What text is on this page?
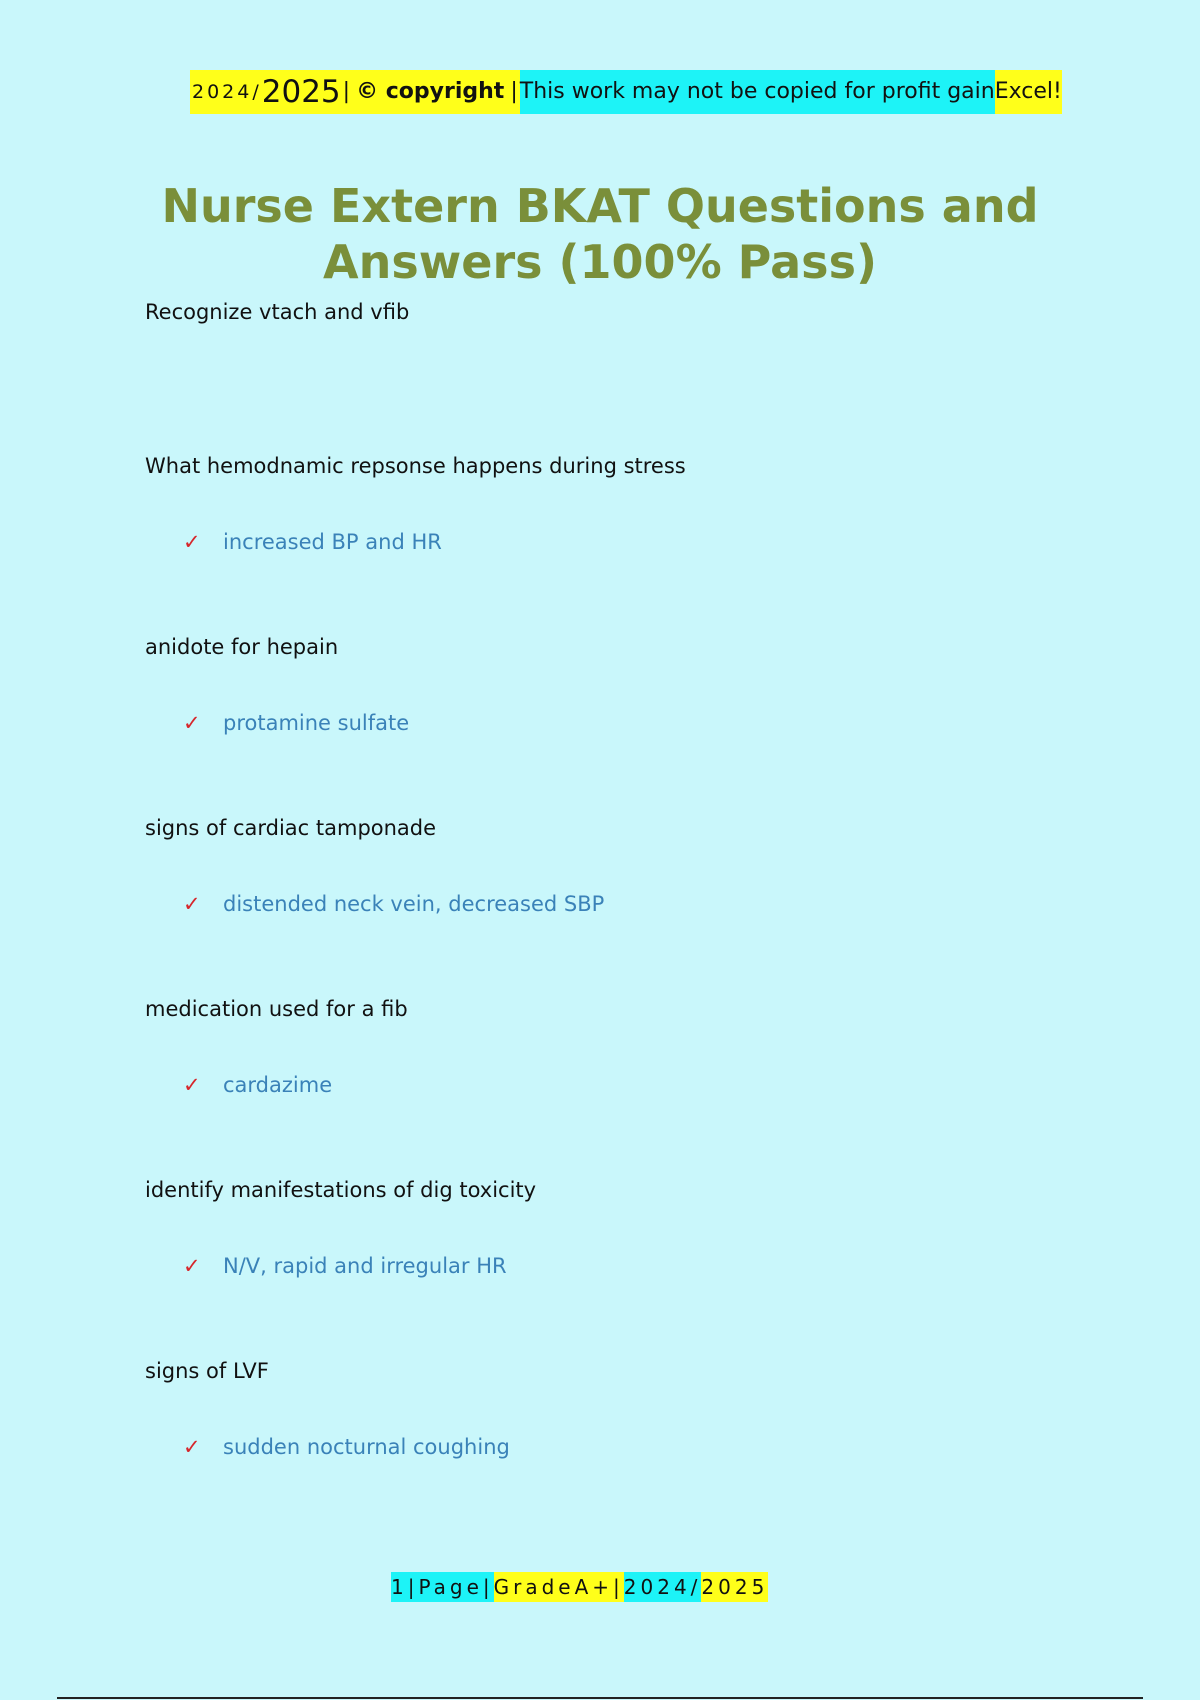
2024/ 2025 | © copyright | This work may not be copied for profit gain Excel!
Nurse Extern BKAT Questions and Answers (100% Pass)

Recognize vtach and vfib

What hemodnamic repsonse happens during stress

✓	increased BP and HR

anidote for hepain

✓	protamine sulfate

signs of cardiac tamponade

✓	distended neck vein, decreased SBP

medication used for a fib

✓	cardazime

identify manifestations of dig toxicity

✓	N/V, rapid and irregular HR

signs of LVF

✓	sudden nocturnal coughing
1|Page| GradeA+| 2024/ 2025
